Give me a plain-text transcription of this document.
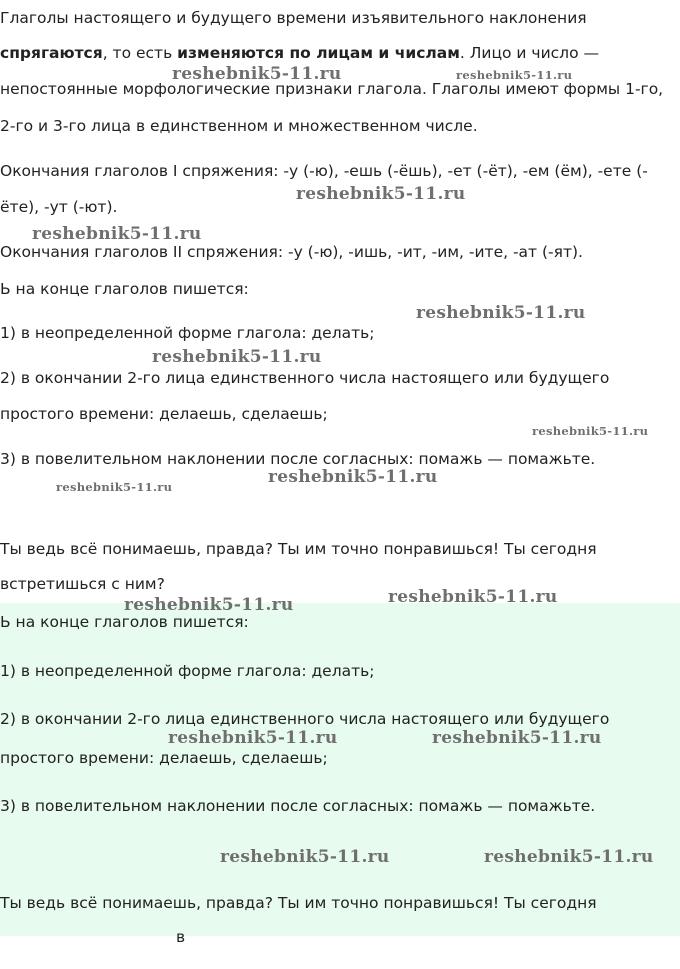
Глаголы настоящего и будущего времени изъявительного наклонения

спрягаются, то есть изменяются по лицам и числам. Лицо и число —

непостоянные морфологические признаки глагола. Глаголы имеют формы 1-го,

2-го и 3-го лица в единственном и множественном числе.

Окончания глаголов I спряжения: -у (-ю), -ешь (-ёшь), -ет (-ёт), -ем (ём), -ете (-

ёте), -ут (-ют).

Окончания глаголов II спряжения: -у (-ю), -ишь, -ит, -им, -ите, -ат (-ят).

Ь на конце глаголов пишется:

1) в неопределенной форме глагола: делать;

2) в окончании 2-го лица единственного числа настоящего или будущего

простого времени: делаешь, сделаешь;

3) в повелительном наклонении после согласных: помажь — помажьте.

Ты ведь всё понимаешь, правда? Ты им точно понравишься! Ты сегодня

встретишься с ним?

Ь на конце глаголов пишется:

1) в неопределенной форме глагола: делать;

2) в окончании 2-го лица единственного числа настоящего или будущего

простого времени: делаешь, сделаешь;

3) в повелительном наклонении после согласных: помажь — помажьте.

Ты ведь всё понимаешь, правда? Ты им точно понравишься! Ты сегодня

в

reshebnik5-11.ru	reshebnik5-11.ru
reshebnik5-11.ru
reshebnik5-11.ru
reshebnik5-11.ru
reshebnik5-11.ru
reshebnik5-11.ru
reshebnik5-11.ru
reshebnik5-11.ru
reshebnik5-11.ru	reshebnik5-11.ru
reshebnik5-11.ru	reshebnik5-11.ru
reshebnik5-11.ru	reshebnik5-11.ru
